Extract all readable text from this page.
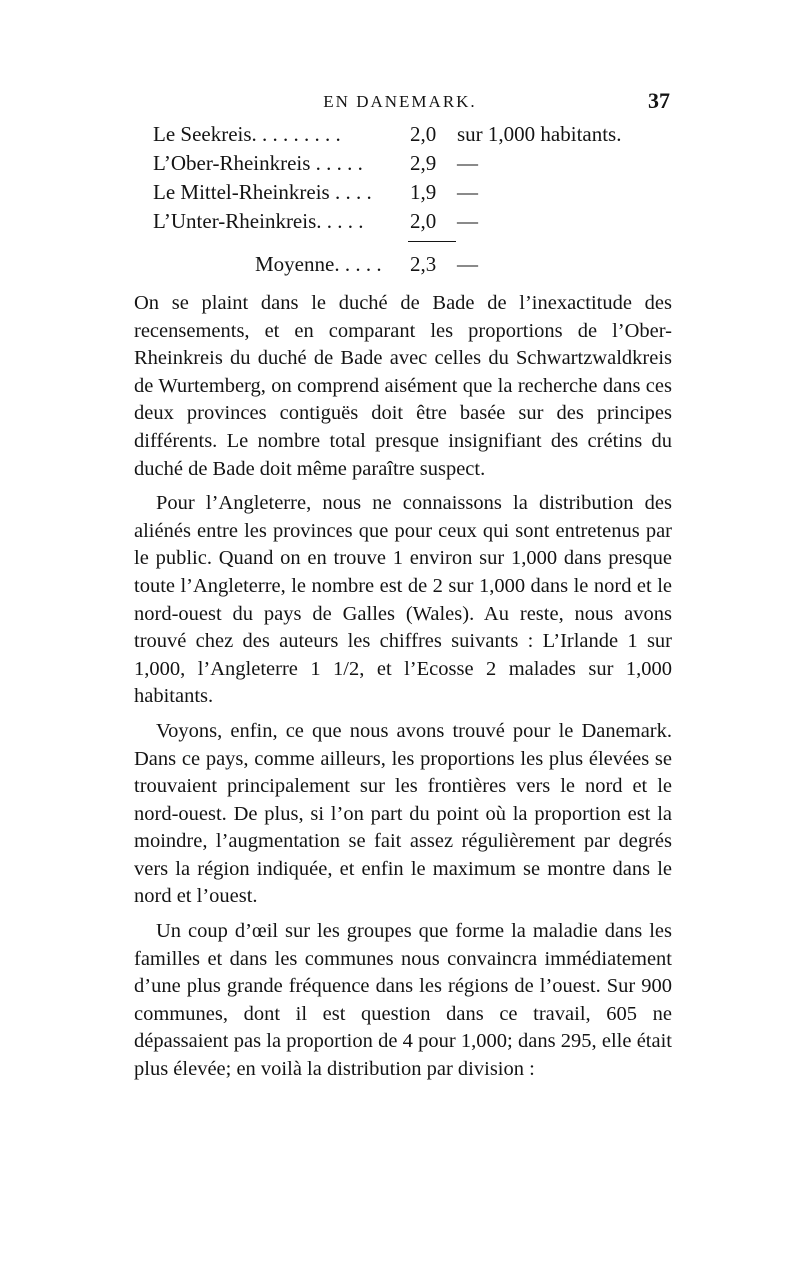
EN DANEMARK.	37
Le Seekreis. . . . . . . . .	2,0 sur 1,000 habitants.
L’Ober-Rheinkreis . . . . . 2,9 —
Le Mittel-Rheinkreis . . . . 1,9 —
L’Unter-Rheinkreis. . . . . 2,0 —
Moyenne. . . . . 2,3 —

On se plaint dans le duché de Bade de l’inexactitude des recensements, et en comparant les proportions de l’Ober-Rheinkreis du duché de Bade avec celles du Schwartzwaldkreis de Wurtemberg, on comprend aisément que la recherche dans ces deux provinces contiguës doit être basée sur des principes différents. Le nombre total presque insignifiant des crétins du duché de Bade doit même paraître suspect.

Pour l’Angleterre, nous ne connaissons la distribution des aliénés entre les provinces que pour ceux qui sont entretenus par le public. Quand on en trouve 1 environ sur 1,000 dans presque toute l’Angleterre, le nombre est de 2 sur 1,000 dans le nord et le nord-ouest du pays de Galles (Wales). Au reste, nous avons trouvé chez des auteurs les chiffres suivants : L’Irlande 1 sur 1,000, l’Angleterre 1 1/2, et l’Ecosse 2 malades sur 1,000 habitants.

Voyons, enfin, ce que nous avons trouvé pour le Danemark. Dans ce pays, comme ailleurs, les proportions les plus élevées se trouvaient principalement sur les frontières vers le nord et le nord-ouest. De plus, si l’on part du point où la proportion est la moindre, l’augmentation se fait assez régulièrement par degrés vers la région indiquée, et enfin le maximum se montre dans le nord et l’ouest.

Un coup d’œil sur les groupes que forme la maladie dans les familles et dans les communes nous convaincra immédiatement d’une plus grande fréquence dans les régions de l’ouest. Sur 900 communes, dont il est question dans ce travail, 605 ne dépassaient pas la proportion de 4 pour 1,000; dans 295, elle était plus élevée; en voilà la distribution par division :
